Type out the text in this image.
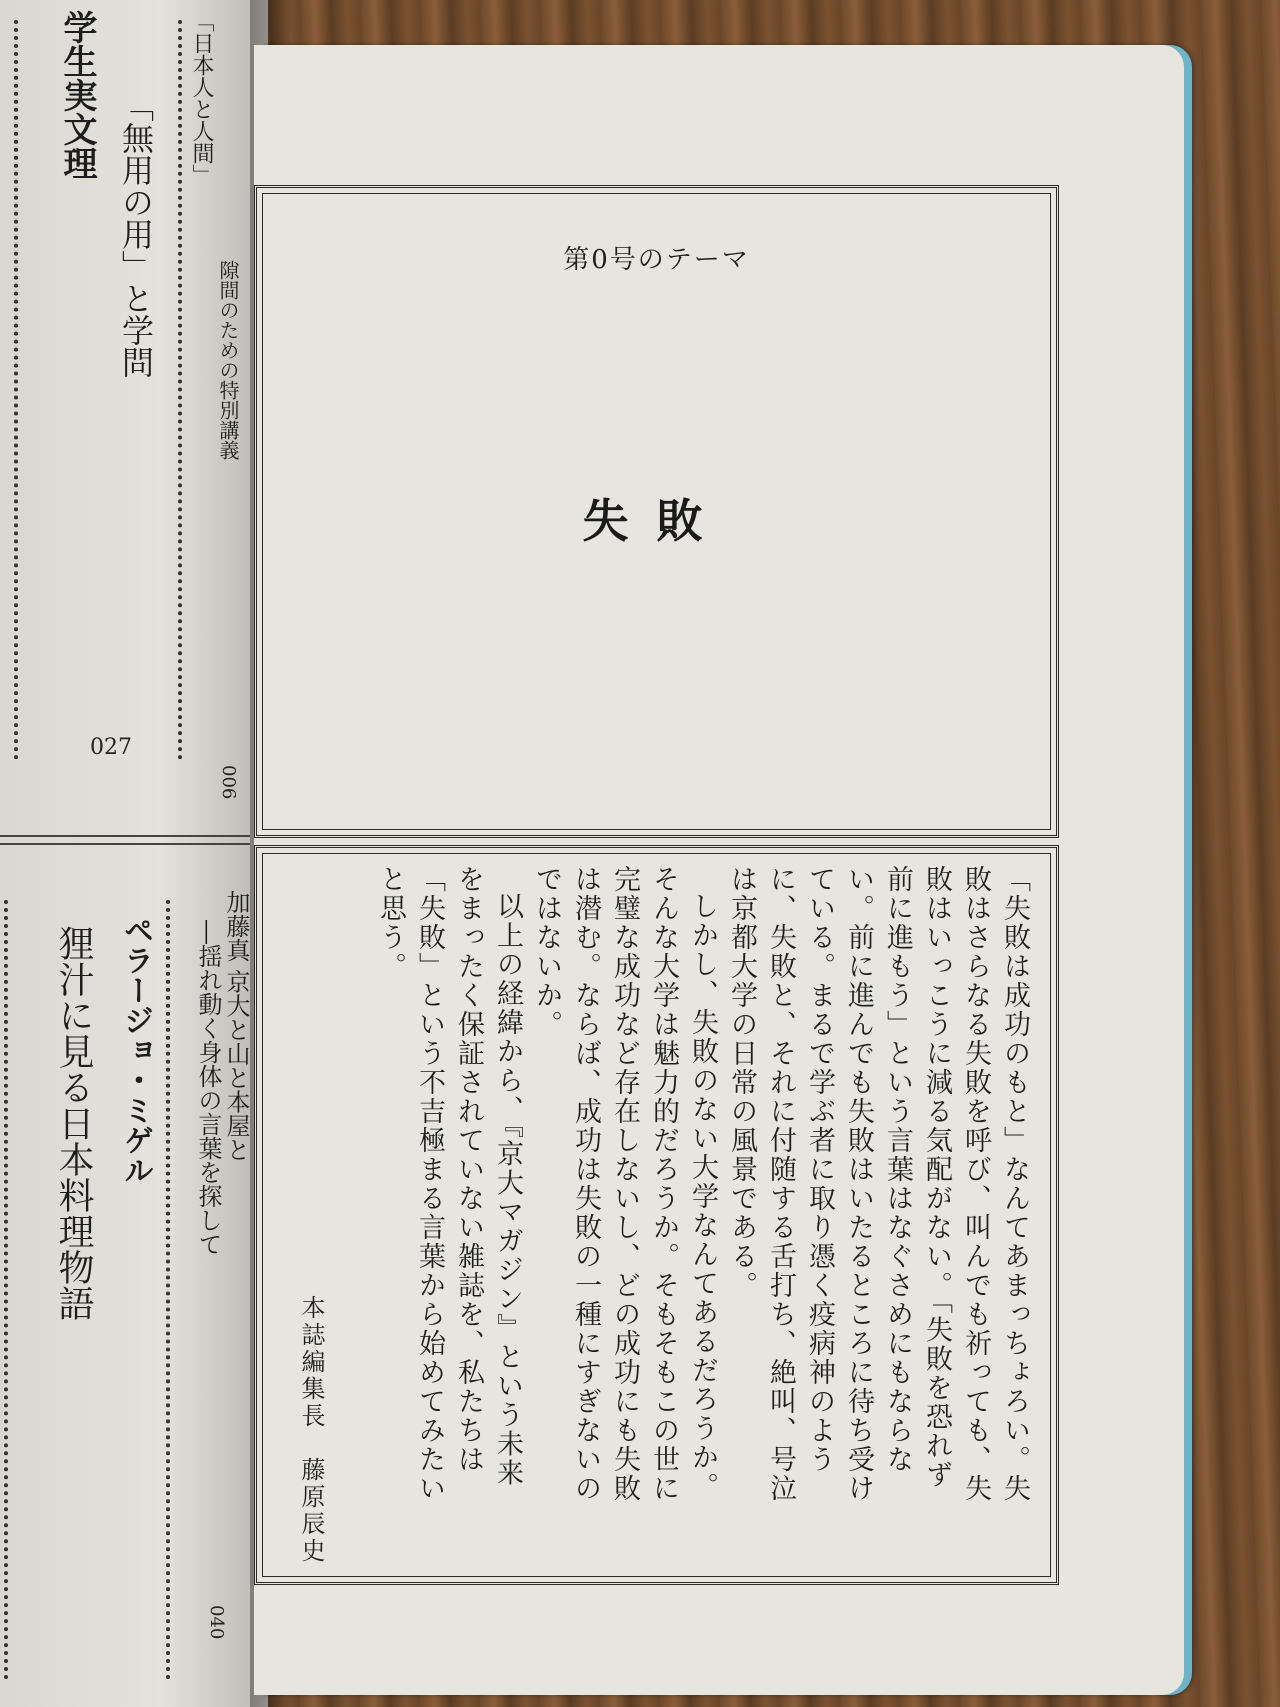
学生実文理 「無用の用」と学問 「日本人と人間」
隙間のための特別講義
027
006
狸汁に見る日本料理物語 ペラージョ・ミゲル	加藤真 京大と山と本屋と
―揺れ動く身体の言葉を探して
040
第0号のテーマ
失敗

「失敗は成功のもと」なんてあまっちょろい。失敗はさらなる失敗を呼び、叫んでも祈っても、失敗はいっこうに減る気配がない。「失敗を恐れず前に進もう」という言葉はなぐさめにもならない。前に進んでも失敗はいたるところに待ち受けている。まるで学ぶ者に取り憑く疫病神のように、失敗と、それに付随する舌打ち、絶叫、号泣は京都大学の日常の風景である。

しかし、失敗のない大学なんてあるだろうか。そんな大学は魅力的だろうか。そもそもこの世に完璧な成功など存在しないし、どの成功にも失敗は潜む。ならば、成功は失敗の一種にすぎないのではないか。

以上の経緯から、『京大マガジン』という未来をまったく保証されていない雑誌を、私たちは「失敗」という不吉極まる言葉から始めてみたいと思う。

本誌編集長　藤原辰史
